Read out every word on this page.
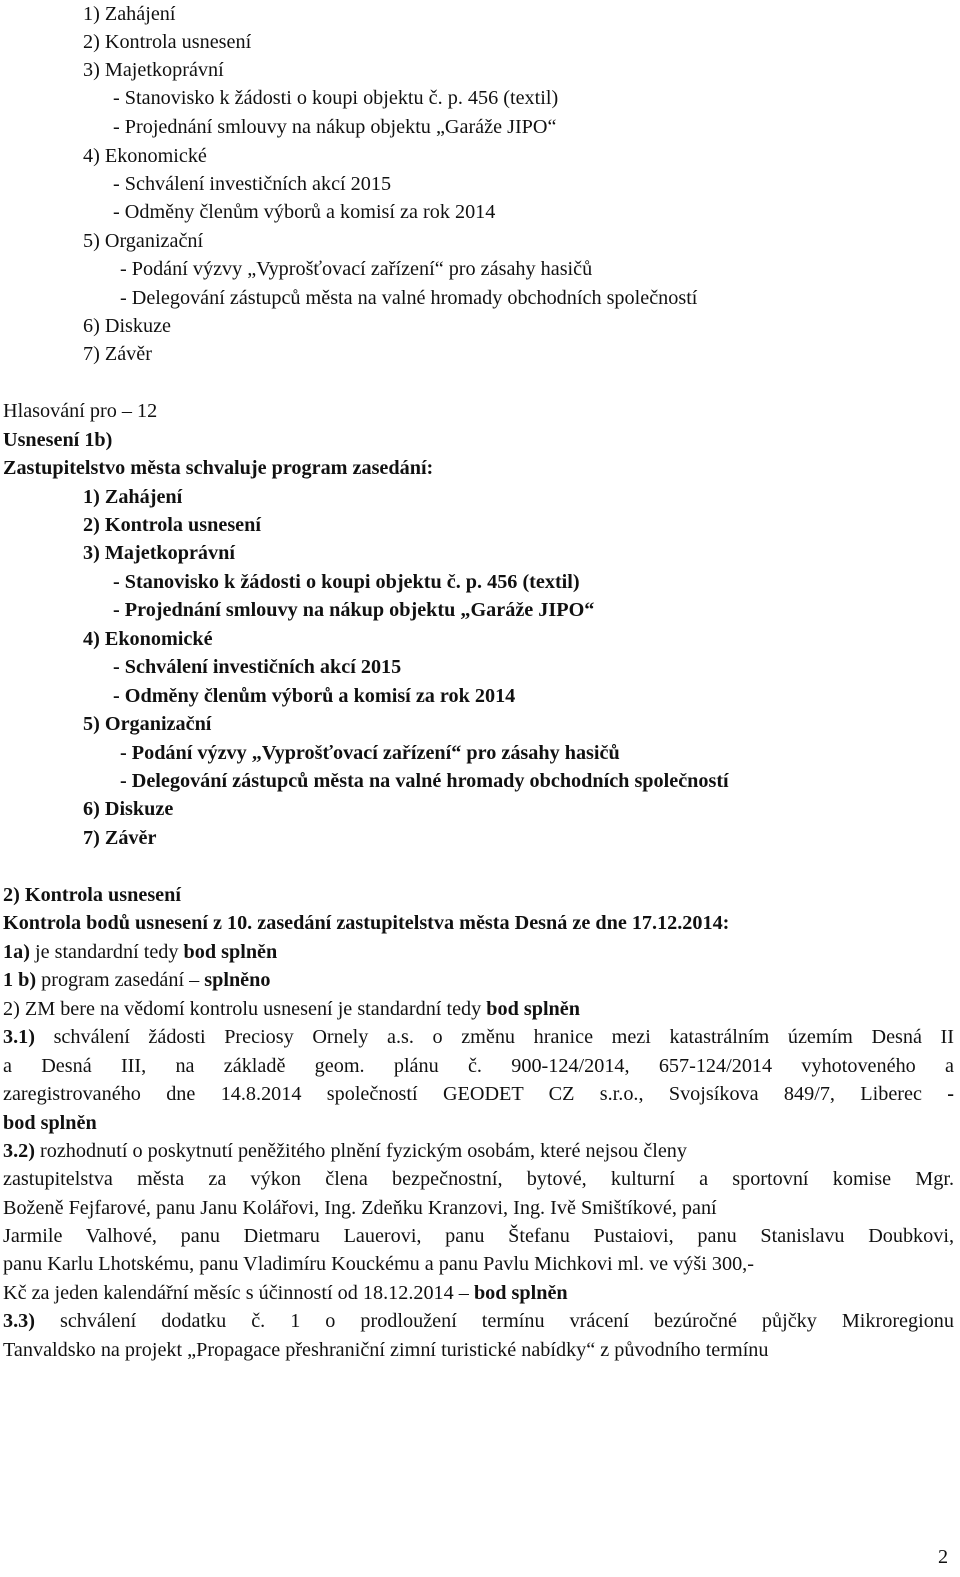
1) Zahájení
2) Kontrola usnesení
3) Majetkoprávní
- Stanovisko k žádosti o koupi objektu č. p. 456 (textil)
- Projednání smlouvy na nákup objektu „Garáže JIPO“
4) Ekonomické
- Schválení investičních akcí 2015
- Odměny členům výborů a komisí za rok 2014
5) Organizační
- Podání výzvy „Vyprošťovací zařízení“ pro zásahy hasičů
- Delegování zástupců města na valné hromady obchodních společností
6) Diskuze
7) Závěr
Hlasování pro – 12
Usnesení 1b)
Zastupitelstvo města schvaluje program zasedání:
1) Zahájení
2) Kontrola usnesení
3) Majetkoprávní
- Stanovisko k žádosti o koupi objektu č. p. 456 (textil)
- Projednání smlouvy na nákup objektu „Garáže JIPO“
4) Ekonomické
- Schválení investičních akcí 2015
- Odměny členům výborů a komisí za rok 2014
5) Organizační
- Podání výzvy „Vyprošťovací zařízení“ pro zásahy hasičů
- Delegování zástupců města na valné hromady obchodních společností
6) Diskuze
7) Závěr
2) Kontrola usnesení
Kontrola bodů usnesení z 10. zasedání zastupitelstva města Desná ze dne 17.12.2014:
1a) je standardní tedy bod splněn
1 b) program zasedání – splněno
2) ZM bere na vědomí kontrolu usnesení je standardní tedy bod splněn
3.1) schválení žádosti Preciosy Ornely a.s. o změnu hranice mezi katastrálním územím Desná II
a Desná III, na základě geom. plánu č. 900-124/2014, 657-124/2014 vyhotoveného a
zaregistrovaného dne 14.8.2014 společností GEODET CZ s.r.o., Svojsíkova 849/7, Liberec -
bod splněn
3.2) rozhodnutí o poskytnutí peněžitého plnění fyzickým osobám, které nejsou členy
zastupitelstva města za výkon člena bezpečnostní, bytové, kulturní a sportovní komise Mgr.
Boženě Fejfarové, panu Janu Kolářovi, Ing. Zdeňku Kranzovi, Ing. Ivě Smištíkové, paní
Jarmile Valhové, panu Dietmaru Lauerovi, panu Štefanu Pustaiovi, panu Stanislavu Doubkovi,
panu Karlu Lhotskému, panu Vladimíru Kouckému a panu Pavlu Michkovi ml. ve výši 300,-
Kč za jeden kalendářní měsíc s účinností od 18.12.2014 – bod splněn
3.3) schválení dodatku č. 1 o prodloužení termínu vrácení bezúročné půjčky Mikroregionu
Tanvaldsko na projekt „Propagace přeshraniční zimní turistické nabídky“ z původního termínu
2
